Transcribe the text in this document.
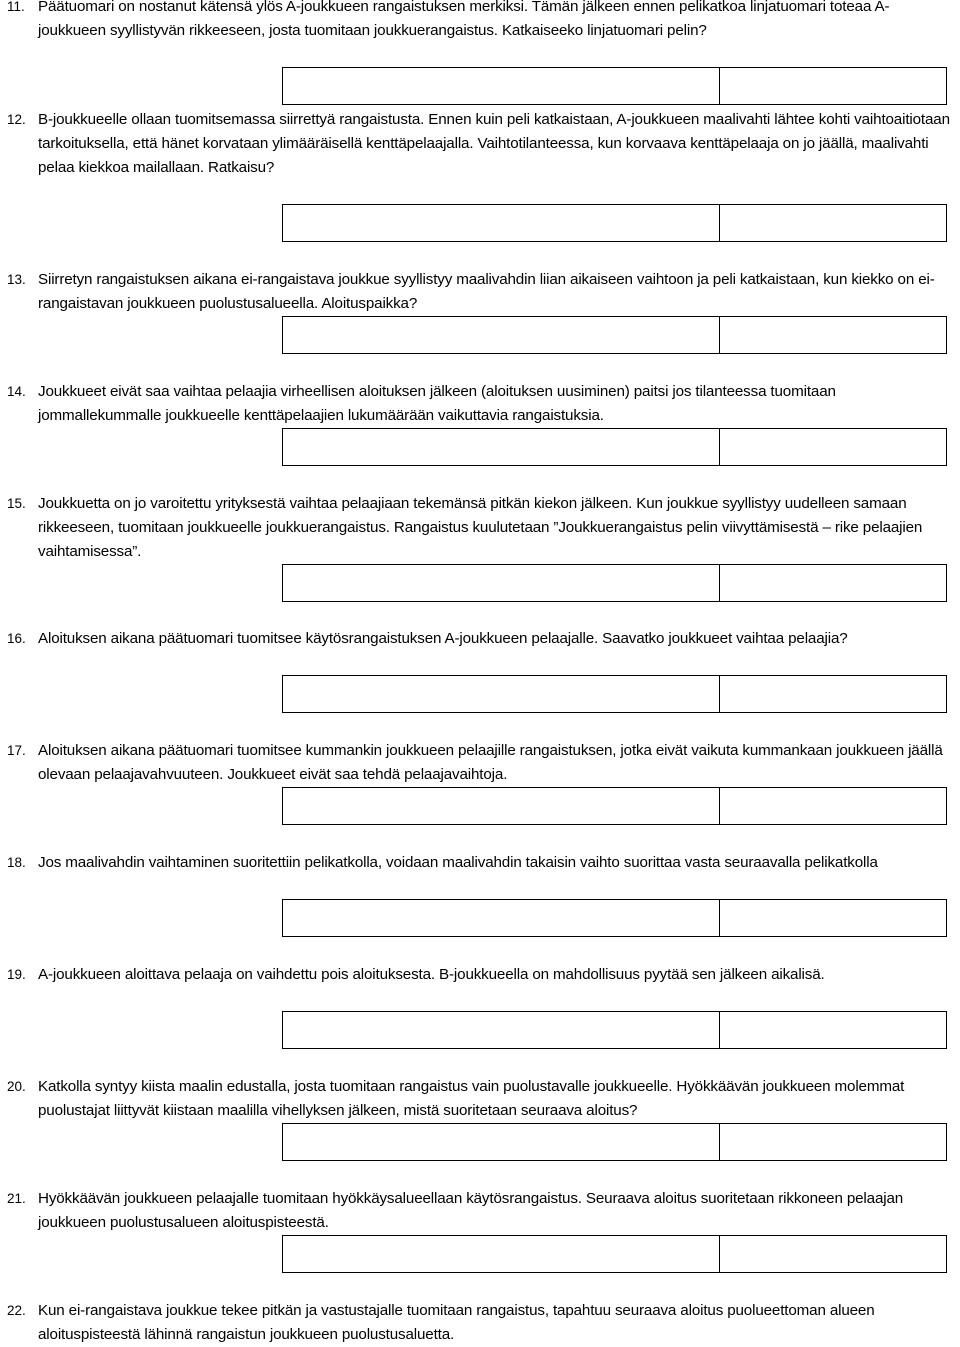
11. Päätuomari on nostanut kätensä ylös A-joukkueen rangaistuksen merkiksi. Tämän jälkeen ennen pelikatkoa linjatuomari toteaa A-joukkueen syyllistyvän rikkeeseen, josta tuomitaan joukkuerangaistus. Katkaiseeko linjatuomari pelin?
12. B-joukkueelle ollaan tuomitsemassa siirrettyä rangaistusta. Ennen kuin peli katkaistaan, A-joukkueen maalivahti lähtee kohti vaihtoaitiotaan tarkoituksella, että hänet korvataan ylimääräisellä kenttäpelaajalla. Vaihtotilanteessa, kun korvaava kenttäpelaaja on jo jäällä, maalivahti pelaa kiekkoa mailallaan. Ratkaisu?
13. Siirretyn rangaistuksen aikana ei-rangaistava joukkue syyllistyy maalivahdin liian aikaiseen vaihtoon ja peli katkaistaan, kun kiekko on ei-rangaistavan joukkueen puolustusalueella. Aloituspaikka?
14. Joukkueet eivät saa vaihtaa pelaajia virheellisen aloituksen jälkeen (aloituksen uusiminen) paitsi jos tilanteessa tuomitaan jommallekummalle joukkueelle kenttäpelaajien lukumäärään vaikuttavia rangaistuksia.
15. Joukkuetta on jo varoitettu yrityksestä vaihtaa pelaajiaan tekemänsä pitkän kiekon jälkeen. Kun joukkue syyllistyy uudelleen samaan rikkeeseen, tuomitaan joukkueelle joukkuerangaistus. Rangaistus kuulutetaan ”Joukkuerangaistus pelin viivyttämisestä – rike pelaajien vaihtamisessa”.
16. Aloituksen aikana päätuomari tuomitsee käytösrangaistuksen A-joukkueen pelaajalle. Saavatko joukkueet vaihtaa pelaajia?
17. Aloituksen aikana päätuomari tuomitsee kummankin joukkueen pelaajille rangaistuksen, jotka eivät vaikuta kummankaan joukkueen jäällä olevaan pelaajavahvuuteen. Joukkueet eivät saa tehdä pelaajavaihtoja.
18. Jos maalivahdin vaihtaminen suoritettiin pelikatkolla, voidaan maalivahdin takaisin vaihto suorittaa vasta seuraavalla pelikatkolla
19. A-joukkueen aloittava pelaaja on vaihdettu pois aloituksesta. B-joukkueella on mahdollisuus pyytää sen jälkeen aikalisä.
20. Katkolla syntyy kiista maalin edustalla, josta tuomitaan rangaistus vain puolustavalle joukkueelle. Hyökkäävän joukkueen molemmat puolustajat liittyvät kiistaan maalilla vihellyksen jälkeen, mistä suoritetaan seuraava aloitus?
21. Hyökkäävän joukkueen pelaajalle tuomitaan hyökkäysalueellaan käytösrangaistus. Seuraava aloitus suoritetaan rikkoneen pelaajan joukkueen puolustusalueen aloituspisteestä.
22. Kun ei-rangaistava joukkue tekee pitkän ja vastustajalle tuomitaan rangaistus, tapahtuu seuraava aloitus puolueettoman alueen aloituspisteestä lähinnä rangaistun joukkueen puolustusaluetta.
